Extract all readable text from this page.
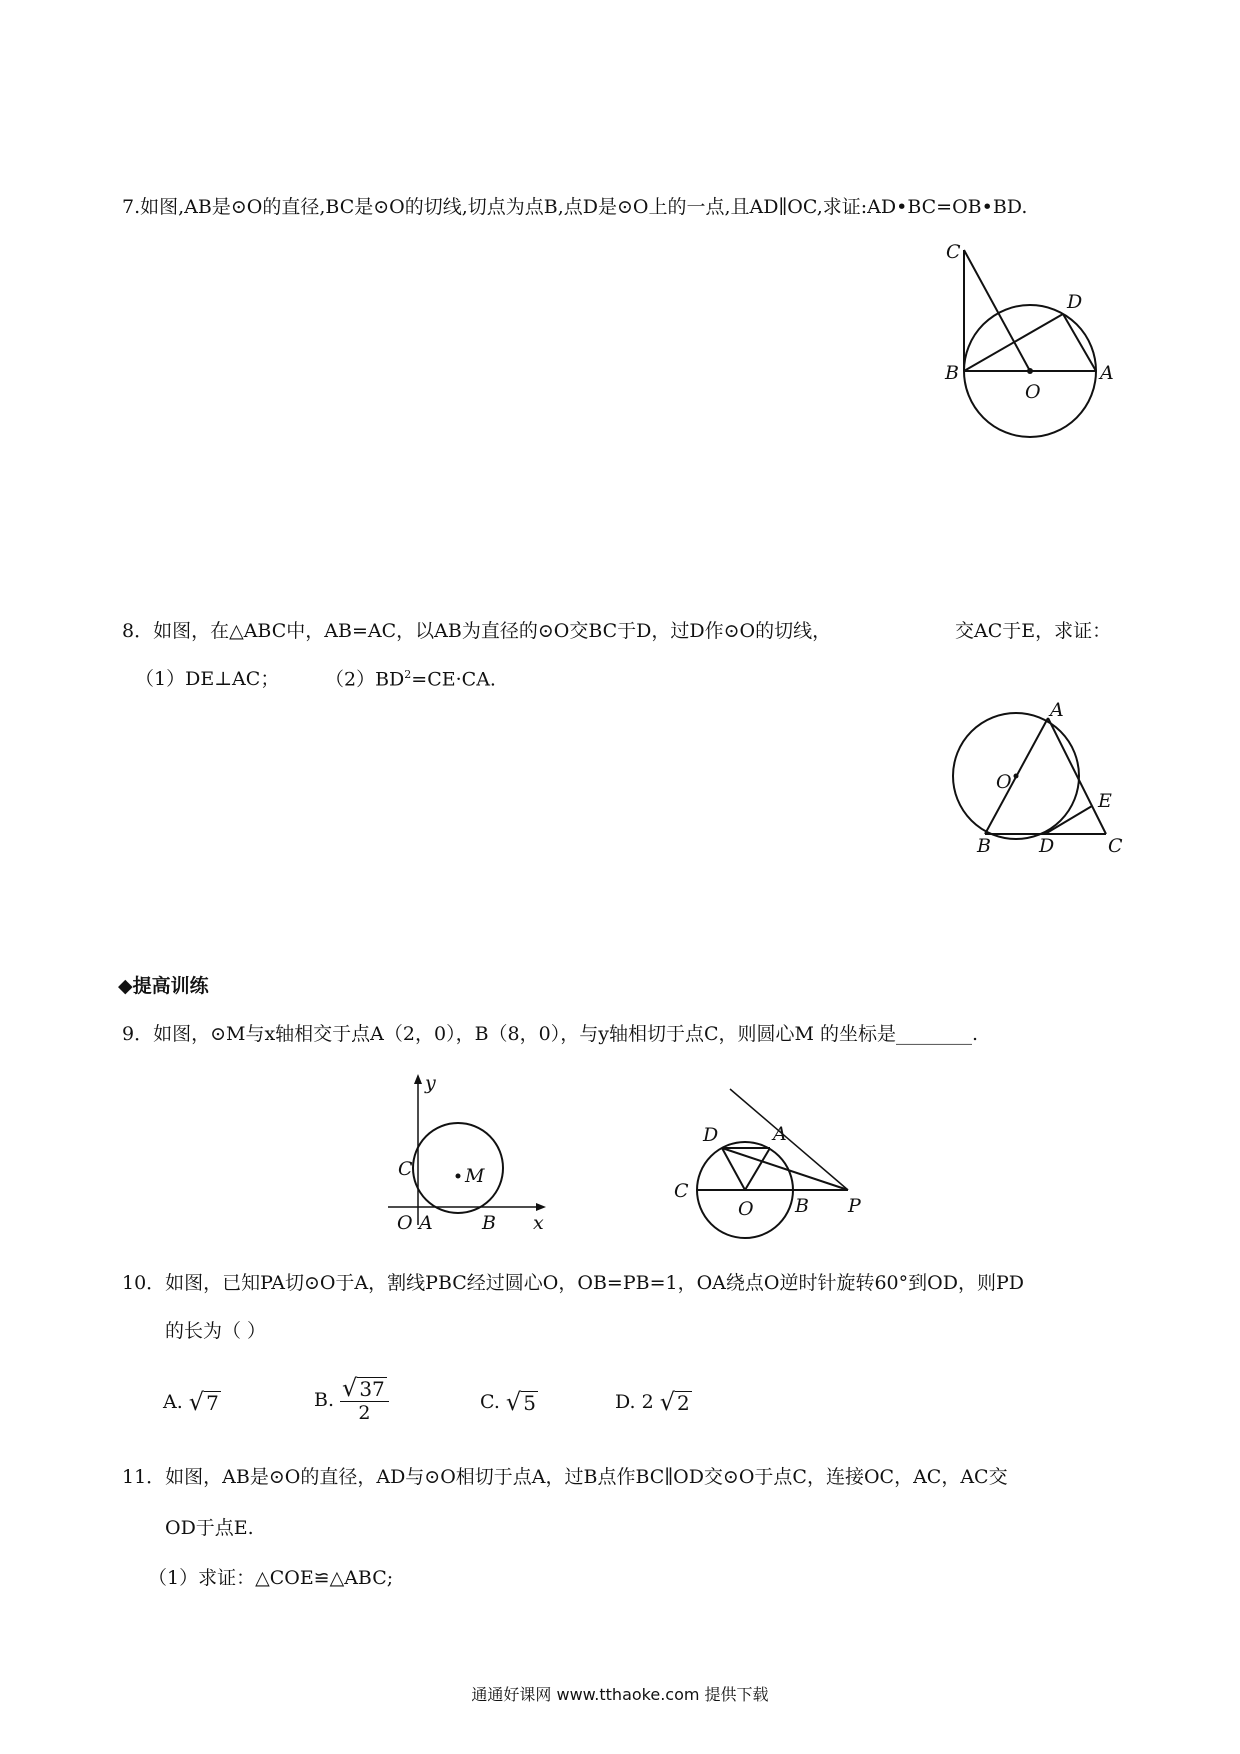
7.如图,AB是⊙O的直径,BC是⊙O的切线,切点为点B,点D是⊙O上的一点,且AD∥OC,求证:AD•BC=OB•BD.
C
D
B
O
A
8．如图，在△ABC中，AB=AC，以AB为直径的⊙O交BC于D，过D作⊙O的切线，	交AC于E，求证：
（1）DE⊥AC； $(2)BD^2=CE\cdot CA$.
A
O
E
B	D	C
◆提高训练
9．如图，⊙M与x轴相交于点A（2，0），B（8，0），与y轴相切于点C，则圆心M 的坐标是________.
y
x
C	M
O A	B
D	A
C
O B P
10．如图，已知PA切⊙O于A，割线PBC经过圆心O，OB=PB=1，OA绕点O逆时针旋转60°到OD，则PD
的长为（ ）
A. √ 7	B. $\frac{√ 37}{2}$	C. √ 5	D. 2 √ 2
11．如图，AB是⊙O的直径，AD与⊙O相切于点A，过B点作BC∥OD交⊙O于点C，连接OC，AC，AC交
OD于点E.
（1）求证：△COE≌△ABC;
通通好课网 www.tthaoke.com 提供下载
